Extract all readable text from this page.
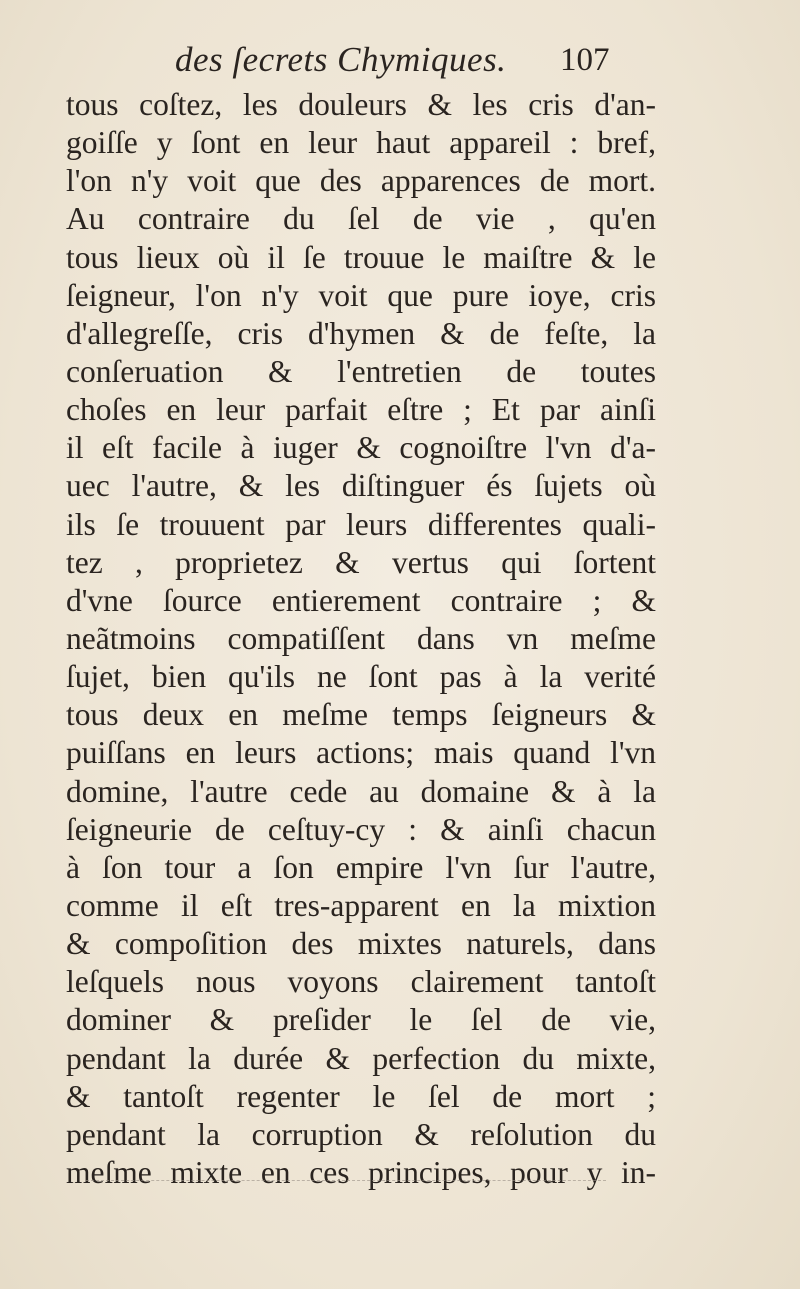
des ſecrets Chymiques. 107
tous coſtez, les douleurs & les cris d'an-
goiſſe y ſont en leur haut appareil : bref,
l'on n'y voit que des apparences de mort.
Au contraire du ſel de vie , qu'en
tous lieux où il ſe trouue le maiſtre & le
ſeigneur, l'on n'y voit que pure ioye, cris
d'allegreſſe, cris d'hymen & de feſte, la
conſeruation & l'entretien de toutes
choſes en leur parfait eſtre ; Et par ainſi
il eſt facile à iuger & cognoiſtre l'vn d'a-
uec l'autre, & les diſtinguer és ſujets où
ils ſe trouuent par leurs differentes quali-
tez , proprietez & vertus qui ſortent
d'vne ſource entierement contraire ; &
neãtmoins compatiſſent dans vn meſme
ſujet, bien qu'ils ne ſont pas à la verité
tous deux en meſme temps ſeigneurs &
puiſſans en leurs actions; mais quand l'vn
domine, l'autre cede au domaine & à la
ſeigneurie de ceſtuy-cy : & ainſi chacun
à ſon tour a ſon empire l'vn ſur l'autre,
comme il eſt tres-apparent en la mixtion
& compoſition des mixtes naturels, dans
leſquels nous voyons clairement tantoſt
dominer & preſider le ſel de vie,
pendant la durée & perfection du mixte,
& tantoſt regenter le ſel de mort ;
pendant la corruption & reſolution du
meſme mixte en ces principes, pour y in-
